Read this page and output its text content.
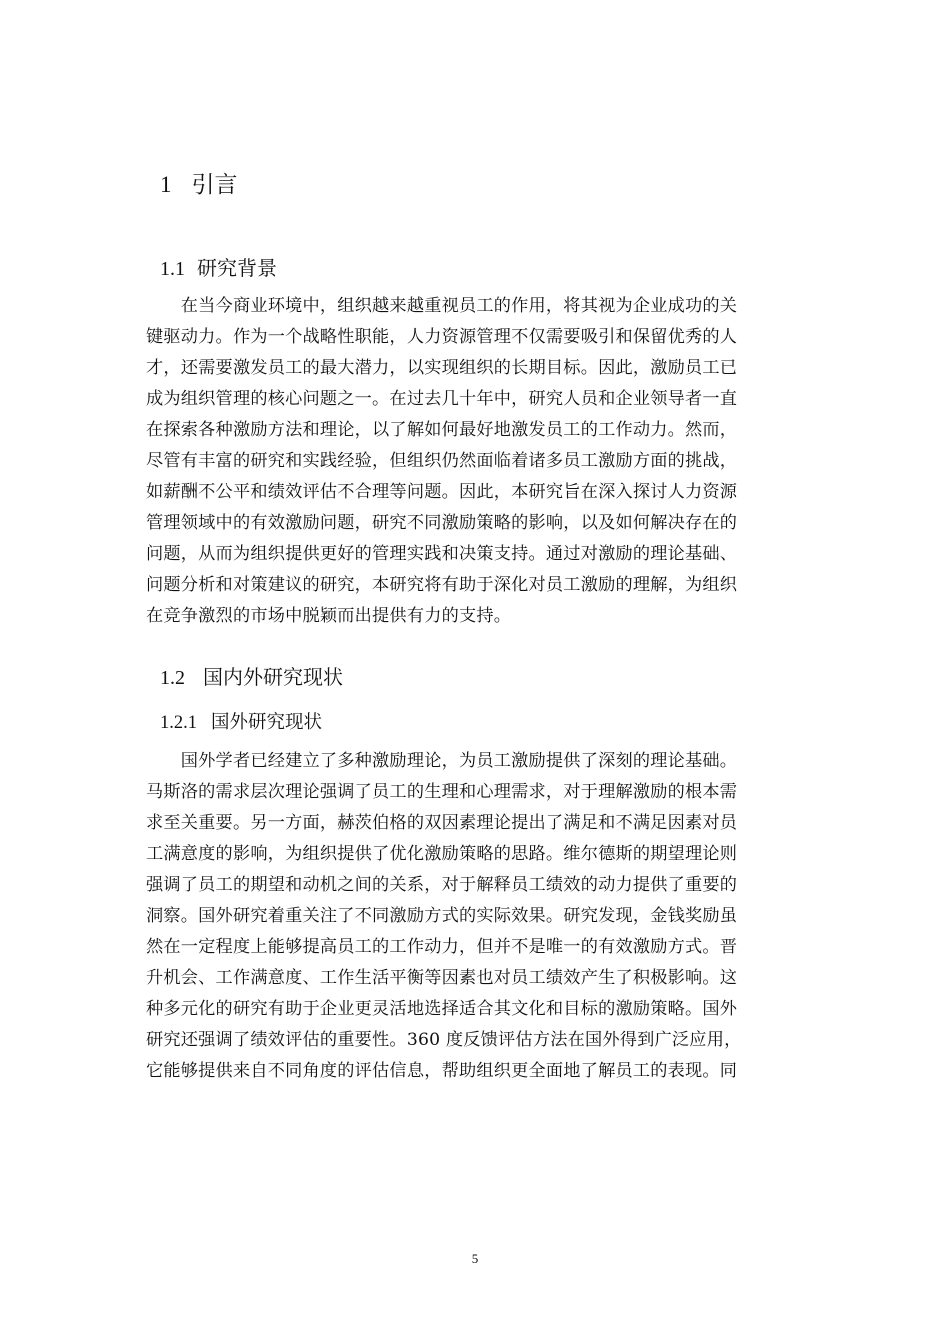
1 引言
1.1 研究背景
　　在当今商业环境中，组织越来越重视员工的作用，将其视为企业成功的关
键驱动力。作为一个战略性职能，人力资源管理不仅需要吸引和保留优秀的人
才，还需要激发员工的最大潜力，以实现组织的长期目标。因此，激励员工已
成为组织管理的核心问题之一。在过去几十年中，研究人员和企业领导者一直
在探索各种激励方法和理论，以了解如何最好地激发员工的工作动力。然而，
尽管有丰富的研究和实践经验，但组织仍然面临着诸多员工激励方面的挑战，
如薪酬不公平和绩效评估不合理等问题。因此，本研究旨在深入探讨人力资源
管理领域中的有效激励问题，研究不同激励策略的影响，以及如何解决存在的
问题，从而为组织提供更好的管理实践和决策支持。通过对激励的理论基础、
问题分析和对策建议的研究，本研究将有助于深化对员工激励的理解，为组织
在竞争激烈的市场中脱颖而出提供有力的支持。
1.2 国内外研究现状
1.2.1 国外研究现状
　　国外学者已经建立了多种激励理论，为员工激励提供了深刻的理论基础。
马斯洛的需求层次理论强调了员工的生理和心理需求，对于理解激励的根本需
求至关重要。另一方面，赫茨伯格的双因素理论提出了满足和不满足因素对员
工满意度的影响，为组织提供了优化激励策略的思路。维尔德斯的期望理论则
强调了员工的期望和动机之间的关系，对于解释员工绩效的动力提供了重要的
洞察。国外研究着重关注了不同激励方式的实际效果。研究发现，金钱奖励虽
然在一定程度上能够提高员工的工作动力，但并不是唯一的有效激励方式。晋
升机会、工作满意度、工作生活平衡等因素也对员工绩效产生了积极影响。这
种多元化的研究有助于企业更灵活地选择适合其文化和目标的激励策略。国外
研究还强调了绩效评估的重要性。360 度反馈评估方法在国外得到广泛应用，
它能够提供来自不同角度的评估信息，帮助组织更全面地了解员工的表现。同
5
